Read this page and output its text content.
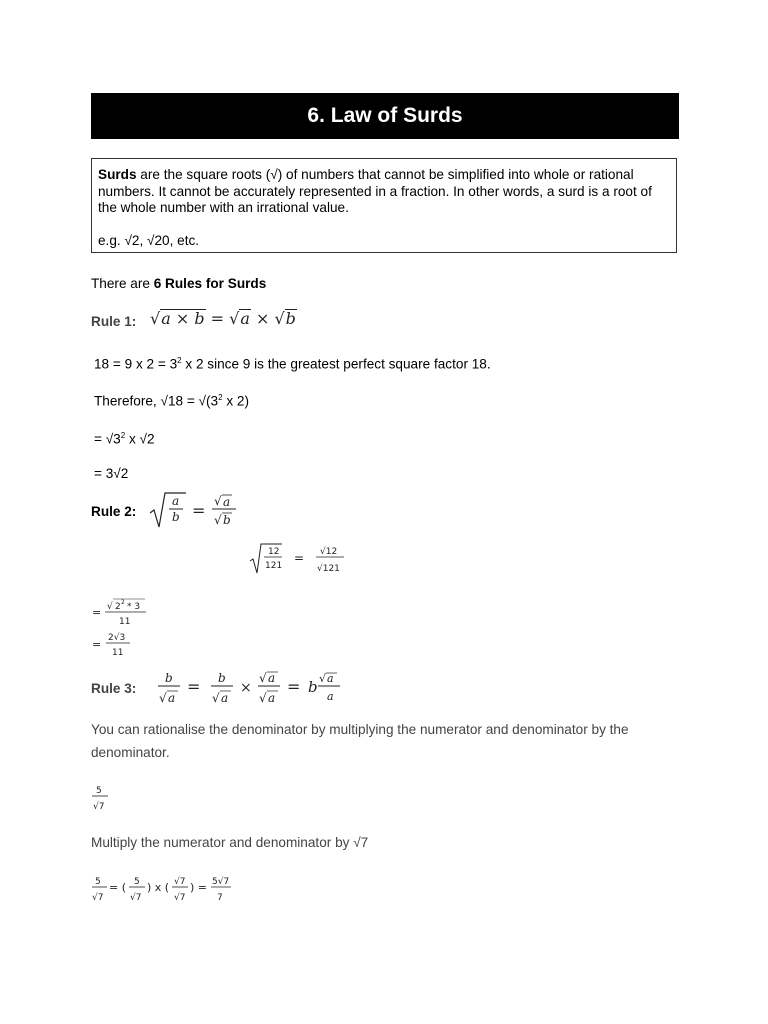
6. Law of Surds

Surds are the square roots (√) of numbers that cannot be simplified into whole or rational numbers. It cannot be accurately represented in a fraction. In other words, a surd is a root of the whole number with an irrational value.

e.g. √2, √20, etc.

There are 6 Rules for Surds
Rule 1: √a × b = √a × √b
18 = 9 x $2 = 3^2$ x 2 since 9 is the greatest perfect square factor 18.
Therefore, $√18 = √(3^2$ x 2)
= $√3^2$ x √2
= 3√2
Rule 2:
a
b = √ a
√ b
12
121
= √12
√121
= √ 2 2 * 3
11
= 2√3
11
Rule 3:
b
√ a
= b
√ a
×
√ a
√ a
= b √ a
a
You can rationalise the denominator by multiplying the numerator and denominator by the denominator.
5
√7
Multiply the numerator and denominator by √7
5
√7
= ( 5
√7
) x ( √7
√7
) = 5√7
7
